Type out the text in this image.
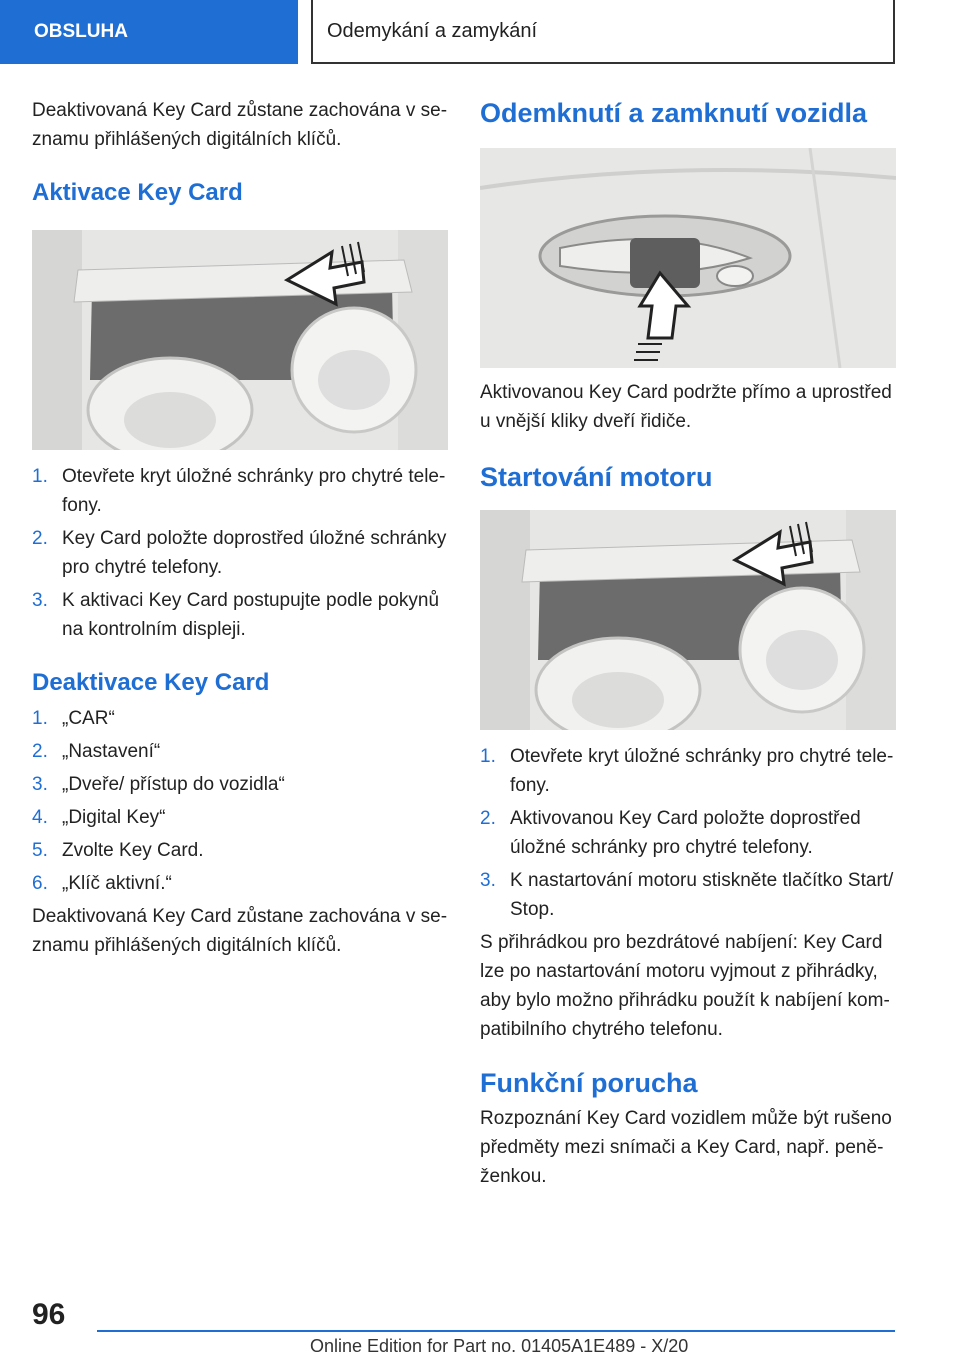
OBSLUHA	Odemykání a zamykání

Deaktivovaná Key Card zůstane zachována v seznamu přihlášených digitálních klíčů.

Aktivace Key Card
1. Otevřete kryt úložné schránky pro chytré telefony.
2. Key Card položte doprostřed úložné schránky pro chytré telefony.
3. K aktivaci Key Card postupujte podle pokynů na kontrolním displeji.
Deaktivace Key Card
1. „CAR“
2. „Nastavení“
3. „Dveře/ přístup do vozidla“
4. „Digital Key“
5. Zvolte Key Card.
6. „Klíč aktivní.“

Deaktivovaná Key Card zůstane zachována v seznamu přihlášených digitálních klíčů.

Odemknutí a zamknutí vozidla

Aktivovanou Key Card podržte přímo a uprostřed u vnější kliky dveří řidiče.

Startování motoru
1. Otevřete kryt úložné schránky pro chytré telefony.
2. Aktivovanou Key Card položte doprostřed úložné schránky pro chytré telefony.
3. K nastartování motoru stiskněte tlačítko Start/ Stop.

S přihrádkou pro bezdrátové nabíjení: Key Card lze po nastartování motoru vyjmout z přihrádky, aby bylo možno přihrádku použít k nabíjení kompatibilního chytrého telefonu.

Funkční porucha

Rozpoznání Key Card vozidlem může být rušeno předměty mezi snímači a Key Card, např. peněženkou.

96
Online Edition for Part no. 01405A1E489 - X/20
